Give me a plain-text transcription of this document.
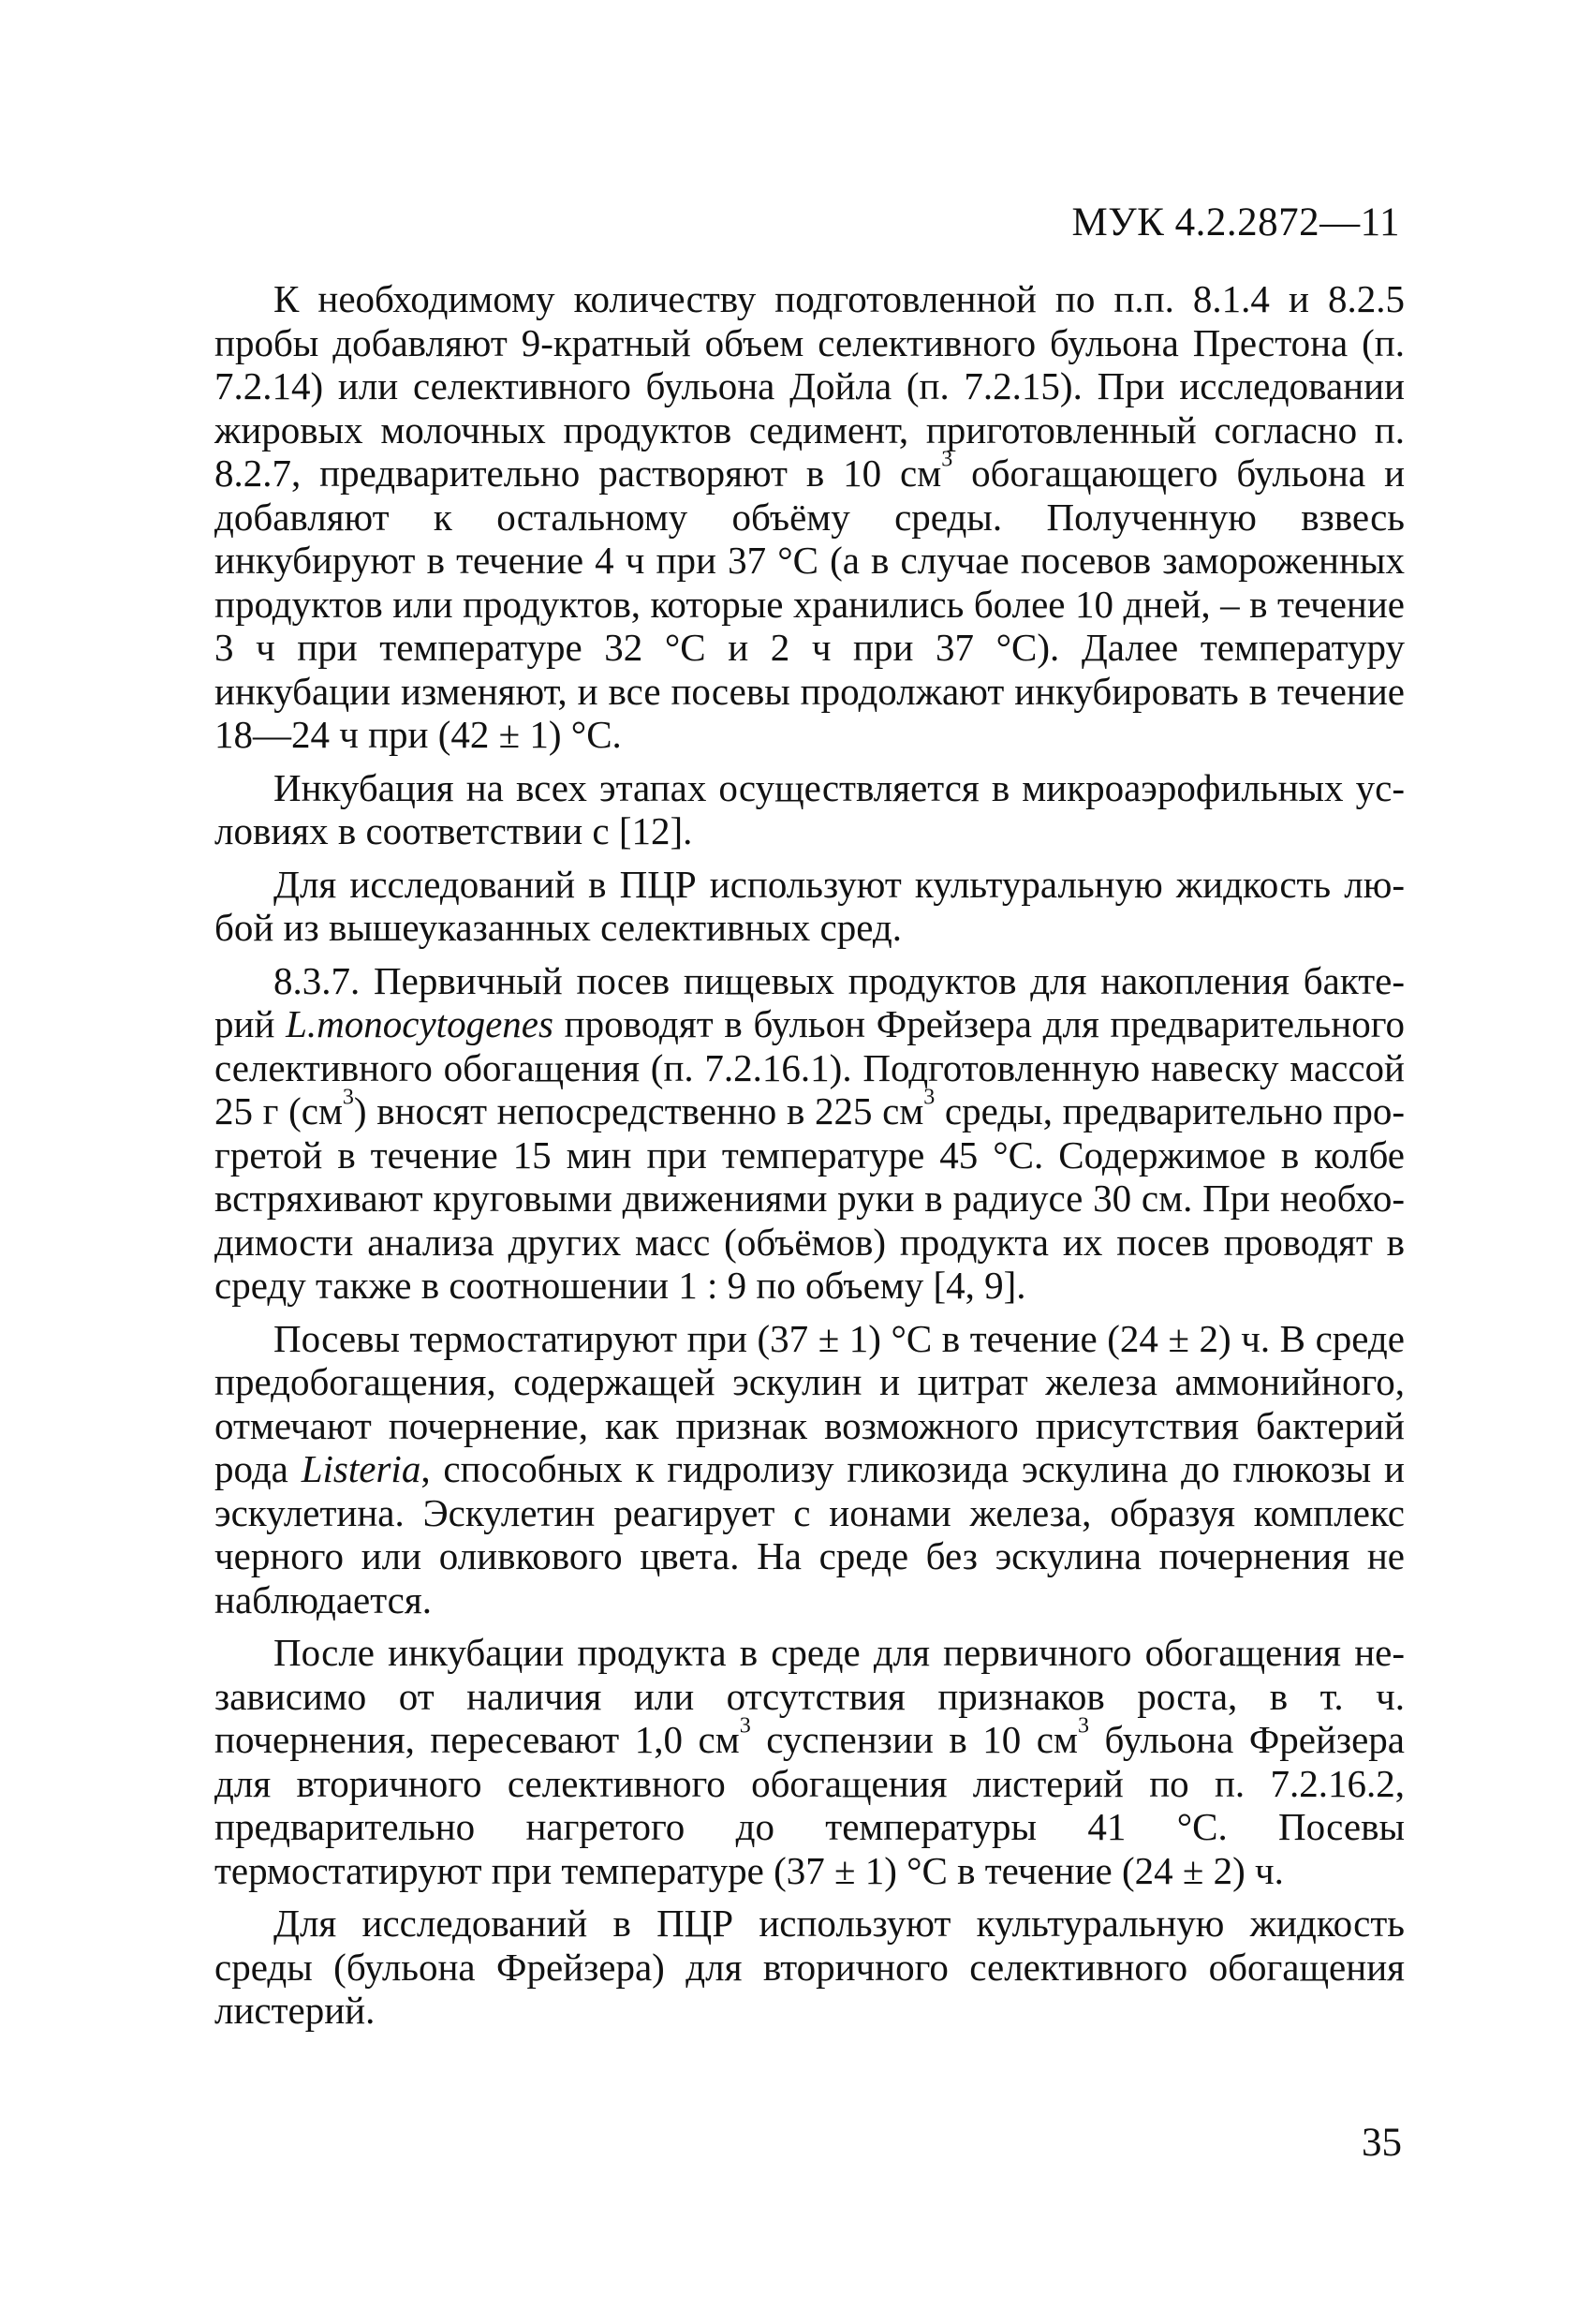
МУК 4.2.2872—11

К необходимому количеству подготовленной по п.п. 8.1.4 и 8.2.5 пробы добавляют 9-кратный объем селективного бульона Престона (п. 7.2.14) или селективного бульона Дойла (п. 7.2.15). При исследовании жировых молочных продуктов седимент, приготовленный согласно п. 8.2.7, предварительно растворяют в 10 $см^3$ обогащающего бульона и добавляют к остальному объёму среды. Полученную взвесь инкубируют в течение 4 ч при 37 °С (а в случае посевов замороженных продуктов или продуктов, которые хранились более 10 дней, – в течение 3 ч при температуре 32 °С и 2 ч при 37 °С). Далее температуру инкубации изменяют, и все посевы продолжают инкубировать в течение 18—24 ч при (42 ± 1) °С.

Инкубация на всех этапах осуществляется в микроаэрофильных условиях в соответствии с [12].

Для исследований в ПЦР используют культуральную жидкость любой из вышеуказанных селективных сред.

8.3.7. Первичный посев пищевых продуктов для накопления бактерий L.monocytogenes проводят в бульон Фрейзера для предварительного селективного обогащения (п. 7.2.16.1). Подготовленную навеску массой 25 г $(см^3)$ вносят непосредственно в 225 $см^3$ среды, предварительно прогретой в течение 15 мин при температуре 45 °С. Содержимое в колбе встряхивают круговыми движениями руки в радиусе 30 см. При необходимости анализа других масс (объёмов) продукта их посев проводят в среду также в соотношении 1 : 9 по объему [4, 9].

Посевы термостатируют при (37 ± 1) °С в течение (24 ± 2) ч. В среде предобогащения, содержащей эскулин и цитрат железа аммонийного, отмечают почернение, как признак возможного присутствия бактерий рода Listeria, способных к гидролизу гликозида эскулина до глюкозы и эскулетина. Эскулетин реагирует с ионами железа, образуя комплекс черного или оливкового цвета. На среде без эскулина почернения не наблюдается.

После инкубации продукта в среде для первичного обогащения независимо от наличия или отсутствия признаков роста, в т. ч. почернения, пересевают 1,0 $см^3$ суспензии в 10 $см^3$ бульона Фрейзера для вторичного селективного обогащения листерий по п. 7.2.16.2, предварительно нагретого до температуры 41 °С. Посевы термостатируют при температуре (37 ± 1) °С в течение (24 ± 2) ч.

Для исследований в ПЦР используют культуральную жидкость среды (бульона Фрейзера) для вторичного селективного обогащения листерий.

35
